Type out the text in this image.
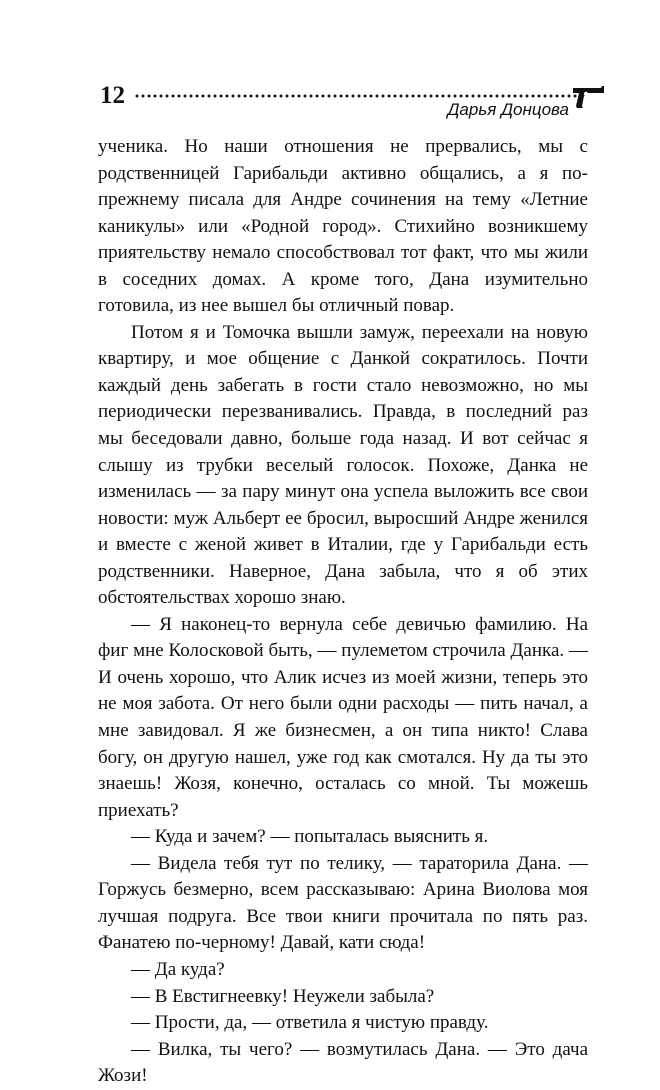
12
Дарья Донцова

ученика. Но наши отношения не прервались, мы с родственницей Гарибальди активно общались, а я попрежнему писала для Андре сочинения на тему «Летние каникулы» или «Родной город». Стихийно возникшему приятельству немало способствовал тот факт, что мы жили в соседних домах. А кроме того, Дана изумительно готовила, из нее вышел бы отличный повар.

Потом я и Томочка вышли замуж, переехали на новую квартиру, и мое общение с Данкой сократилось. Почти каждый день забегать в гости стало невозможно, но мы периодически перезванивались. Правда, в последний раз мы беседовали давно, больше года назад. И вот сейчас я слышу из трубки веселый голосок. Похоже, Данка не изменилась — за пару минут она успела выложить все свои новости: муж Альберт ее бросил, выросший Андре женился и вместе с женой живет в Италии, где у Гарибальди есть родственники. Наверное, Дана забыла, что я об этих обстоятельствах хорошо знаю.

— Я наконец-то вернула себе девичью фамилию. На фиг мне Колосковой быть, — пулеметом строчила Данка. — И очень хорошо, что Алик исчез из моей жизни, теперь это не моя забота. От него были одни расходы — пить начал, а мне завидовал. Я же бизнесмен, а он типа никто! Слава богу, он другую нашел, уже год как смотался. Ну да ты это знаешь! Жозя, конечно, осталась со мной. Ты можешь приехать?

— Куда и зачем? — попыталась выяснить я.

— Видела тебя тут по телику, — тараторила Дана. — Горжусь безмерно, всем рассказываю: Арина Виолова моя лучшая подруга. Все твои книги прочитала по пять раз. Фанатею по-черному! Давай, кати сюда!

— Да куда?

— В Евстигнеевку! Неужели забыла?

— Прости, да, — ответила я чистую правду.

— Вилка, ты чего? — возмутилась Дана. — Это дача Жози!
